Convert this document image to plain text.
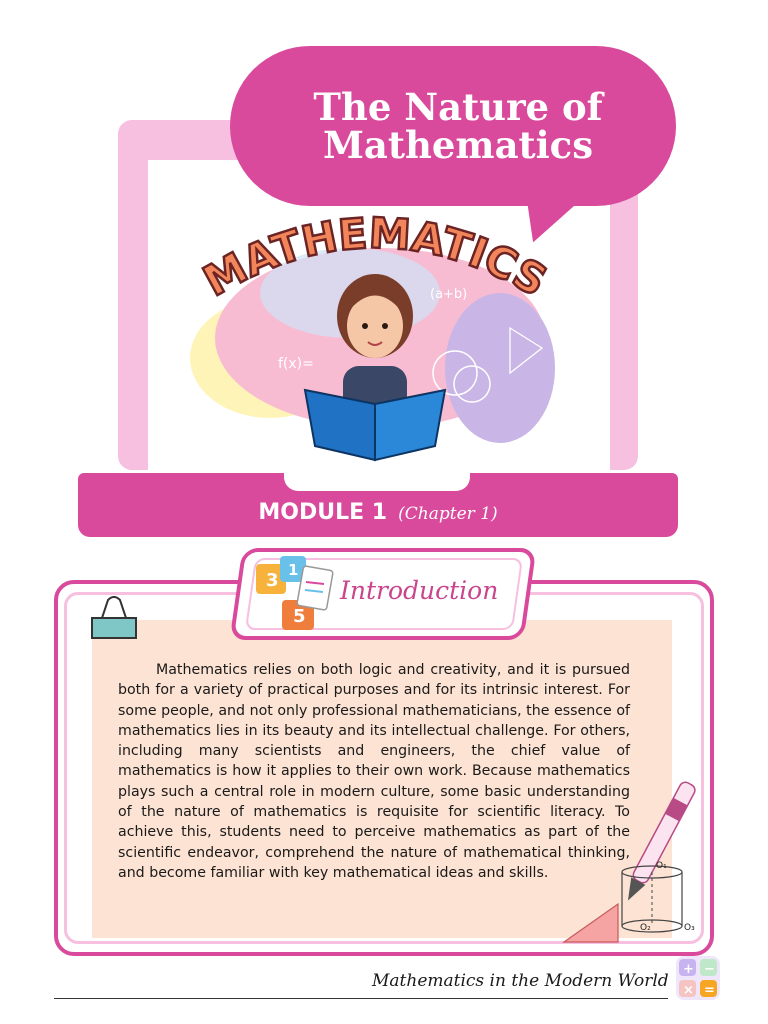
f(x)=
(a+b)
MATHEMATICS
The Nature of
Mathematics
MODULE 1 (Chapter 1)
3 1
5
Introduction

Mathematics relies on both logic and creativity, and it is pursued both for a variety of practical purposes and for its intrinsic interest. For some people, and not only professional mathematicians, the essence of mathematics lies in its beauty and its intellectual challenge. For others, including many scientists and engineers, the chief value of mathematics is how it applies to their own work. Because mathematics plays such a central role in modern culture, some basic understanding of the nature of mathematics is requisite for scientific literacy. To achieve this, students need to perceive mathematics as part of the scientific endeavor, comprehend the nature of mathematical thinking, and become familiar with key mathematical ideas and skills.	O₁
O₂	O₃
Mathematics in the Modern World
+ −
× =
